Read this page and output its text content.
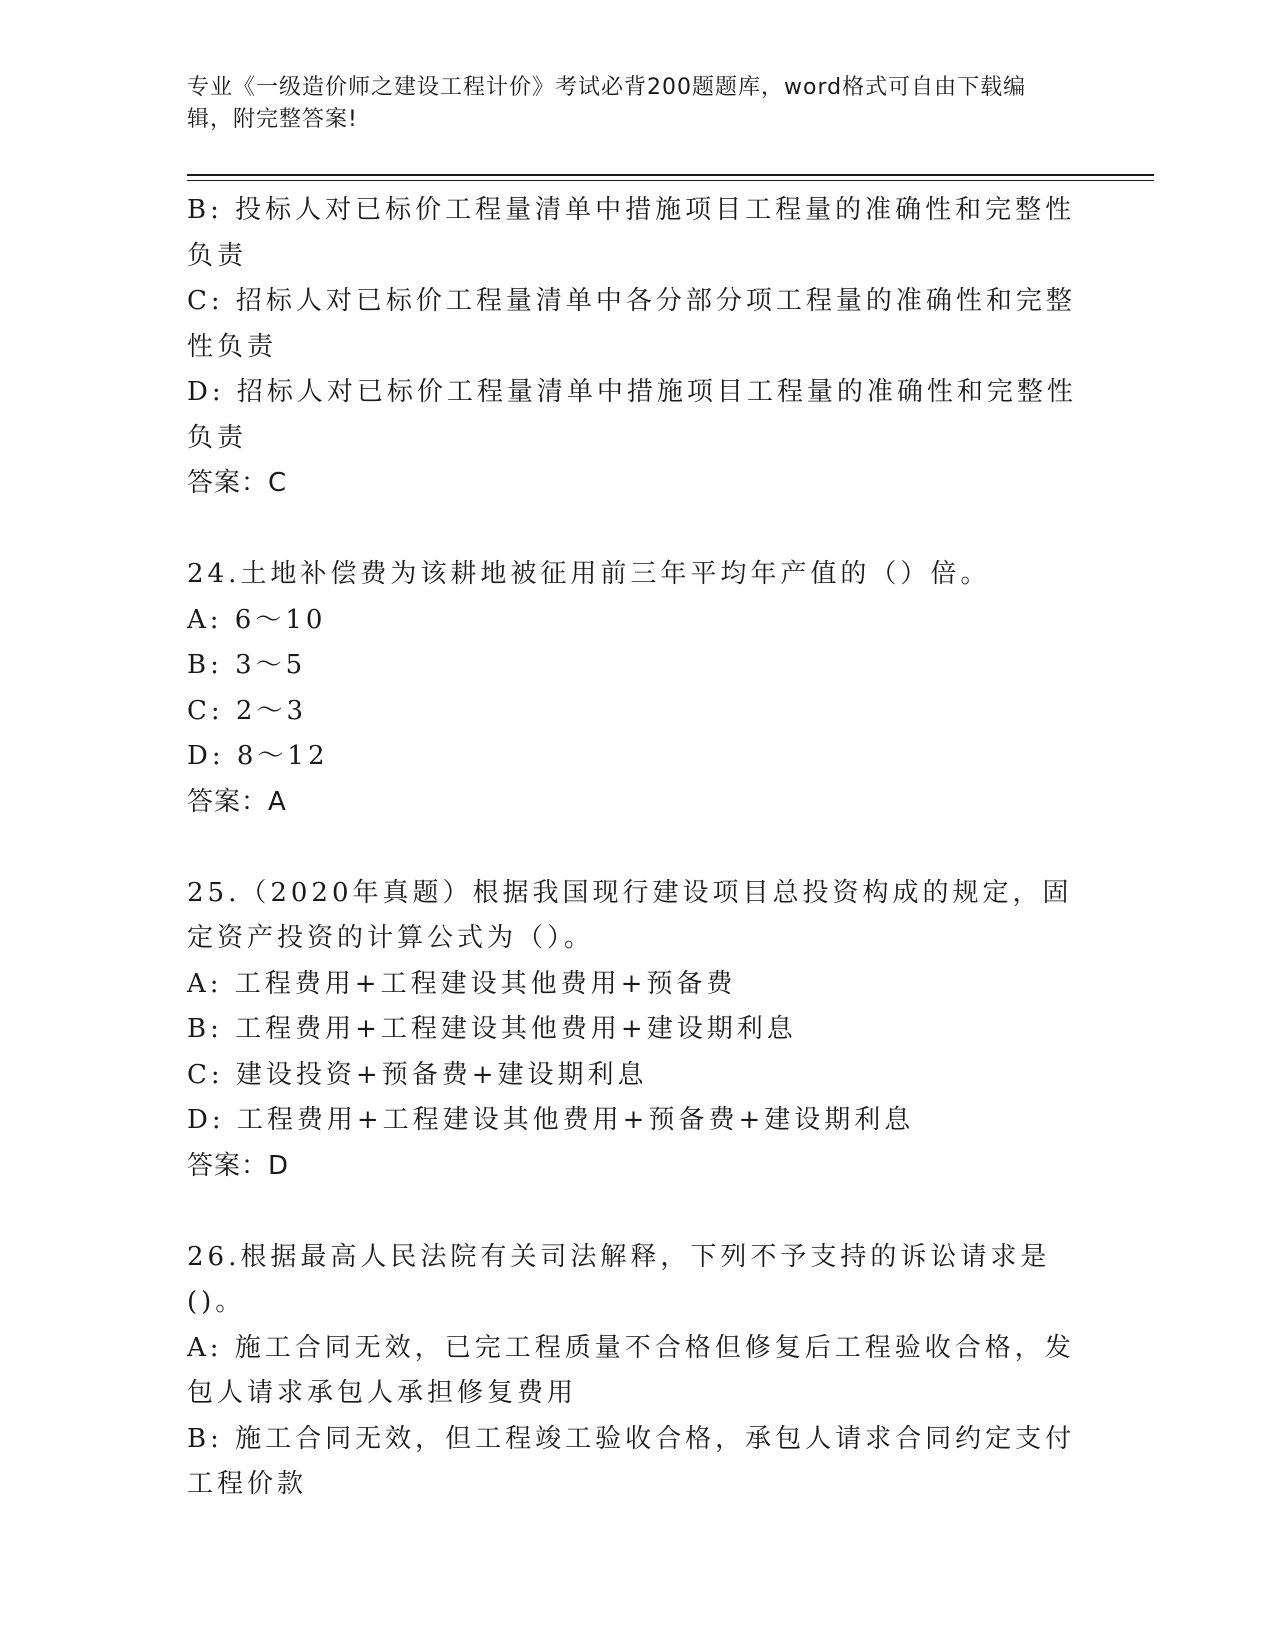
专业《一级造价师之建设工程计价》考试必背200题题库，word格式可自由下载编辑，附完整答案!

B: 投标人对已标价工程量清单中措施项目工程量的准确性和完整性负责

C: 招标人对已标价工程量清单中各分部分项工程量的准确性和完整性负责

D: 招标人对已标价工程量清单中措施项目工程量的准确性和完整性负责

答案：C

24.土地补偿费为该耕地被征用前三年平均年产值的（）倍。

A: 6～10

B: 3～5

C: 2～3

D: 8～12

答案：A

25.（2020年真题）根据我国现行建设项目总投资构成的规定，固定资产投资的计算公式为（）。

A: 工程费用+工程建设其他费用+预备费

B: 工程费用+工程建设其他费用+建设期利息

C: 建设投资+预备费+建设期利息

D: 工程费用+工程建设其他费用+预备费+建设期利息

答案：D

26.根据最高人民法院有关司法解释，下列不予支持的诉讼请求是()。

A: 施工合同无效，已完工程质量不合格但修复后工程验收合格，发包人请求承包人承担修复费用

B: 施工合同无效，但工程竣工验收合格，承包人请求合同约定支付工程价款
